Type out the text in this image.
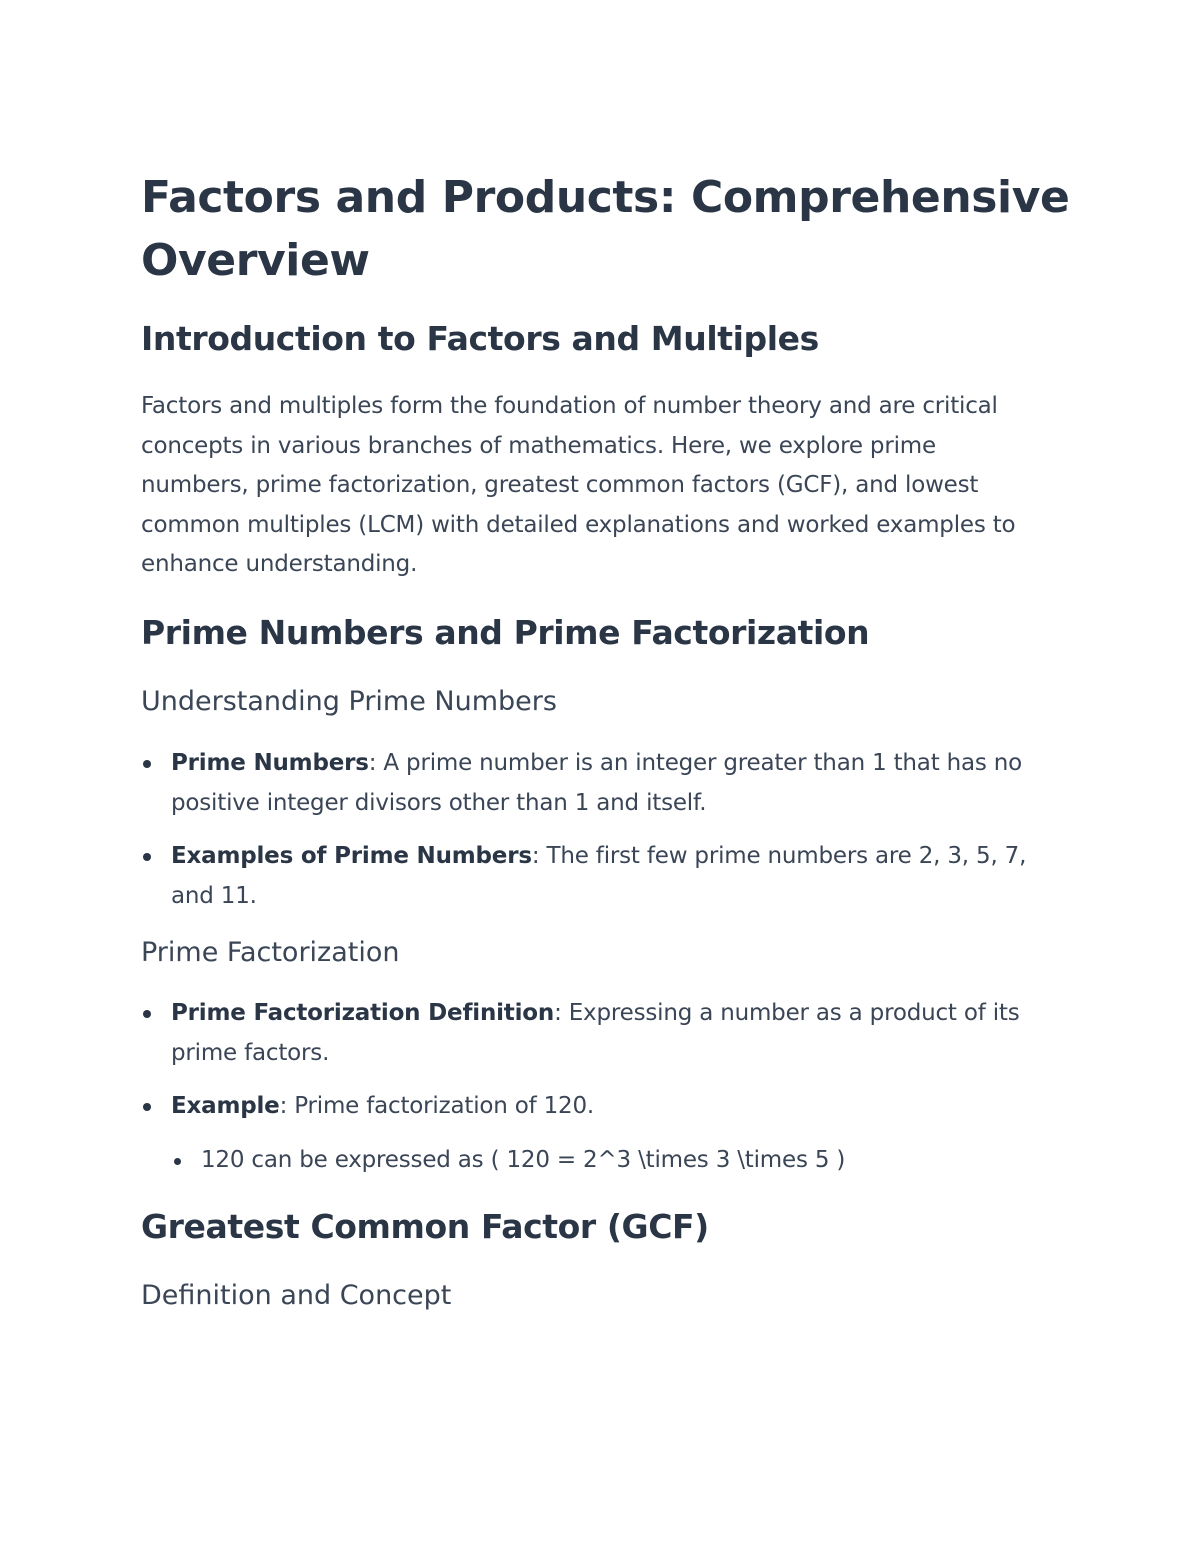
Factors and Products: Comprehensive Overview
Introduction to Factors and Multiples

Factors and multiples form the foundation of number theory and are critical concepts in various branches of mathematics. Here, we explore prime numbers, prime factorization, greatest common factors (GCF), and lowest common multiples (LCM) with detailed explanations and worked examples to enhance understanding.

Prime Numbers and Prime Factorization
Understanding Prime Numbers
Prime Numbers: A prime number is an integer greater than 1 that has no positive integer divisors other than 1 and itself.
Examples of Prime Numbers: The first few prime numbers are 2, 3, 5, 7, and 11.
Prime Factorization
Prime Factorization Definition: Expressing a number as a product of its prime factors.
Example: Prime factorization of 120.
120 can be expressed as ( 120 = 2^3 \times 3 \times 5 )
Greatest Common Factor (GCF)
Definition and Concept
